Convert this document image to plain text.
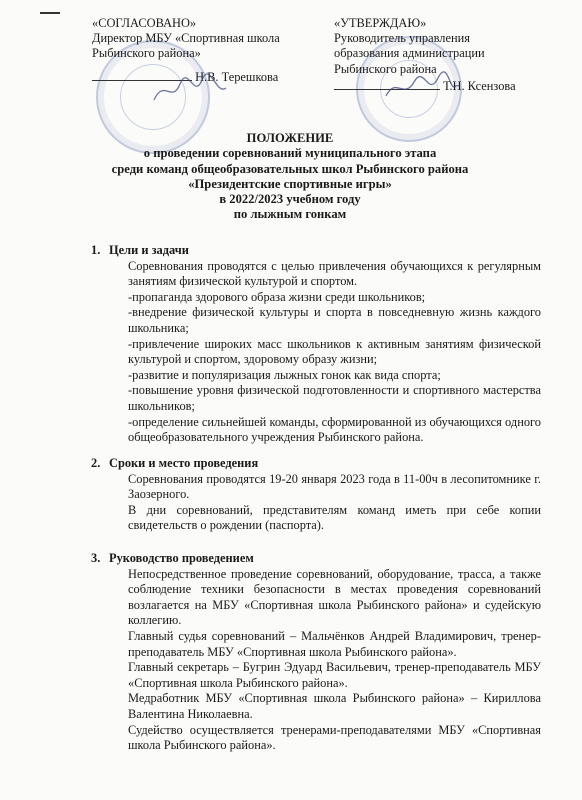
«СОГЛАСОВАНО»
Директор МБУ «Спортивная школа
Рыбинского района»
Н.В. Терешкова
«УТВЕРЖДАЮ»
Руководитель управления
образования администрации
Рыбинского района
Т.Н. Ксензова
ПОЛОЖЕНИЕ
о проведении соревнований муниципального этапа
среди команд общеобразовательных школ Рыбинского района
«Президентские спортивные игры»
в 2022/2023 учебном году
по лыжным гонкам
1. Цели и задачи

Соревнования проводятся с целью привлечения обучающихся к регулярным занятиям физической культурой и спортом.

-пропаганда здорового образа жизни среди школьников;

-внедрение физической культуры и спорта в повседневную жизнь каждого школьника;

-привлечение широких масс школьников к активным занятиям физической культурой и спортом, здоровому образу жизни;

-развитие и популяризация лыжных гонок как вида спорта;

-повышение уровня физической подготовленности и спортивного мастерства школьников;

-определение сильнейшей команды, сформированной из обучающихся одного общеобразовательного учреждения Рыбинского района.

2. Сроки и место проведения

Соревнования проводятся 19-20 января 2023 года в 11-00ч в лесопитомнике г. Заозерного.

В дни соревнований, представителям команд иметь при себе копии свидетельств о рождении (паспорта).

3. Руководство проведением

Непосредственное проведение соревнований, оборудование, трасса, а также соблюдение техники безопасности в местах проведения соревнований возлагается на МБУ «Спортивная школа Рыбинского района» и судейскую коллегию.

Главный судья соревнований – Мальчёнков Андрей Владимирович, тренер-преподаватель МБУ «Спортивная школа Рыбинского района».

Главный секретарь – Бугрин Эдуард Васильевич, тренер-преподаватель МБУ «Спортивная школа Рыбинского района».

Медработник МБУ «Спортивная школа Рыбинского района» – Кириллова Валентина Николаевна.

Судейство осуществляется тренерами-преподавателями МБУ «Спортивная школа Рыбинского района».
